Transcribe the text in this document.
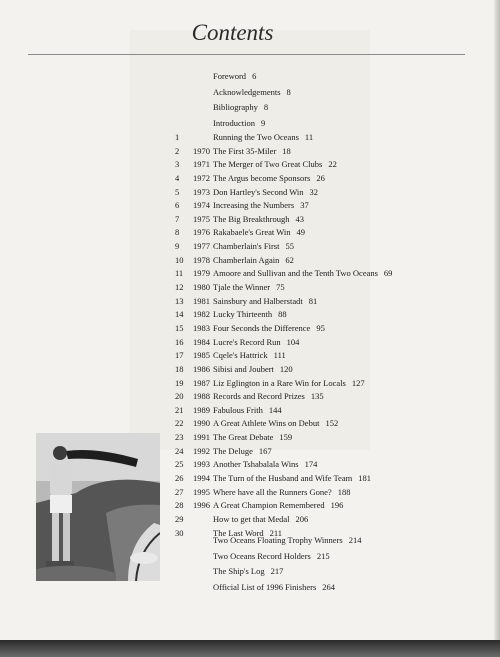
Contents
Foreword 6
Acknowledgements 8
Bibliography 8
Introduction 9
1	Running the Two Oceans 11
2	1970 The First 35-Miler 18
3	1971 The Merger of Two Great Clubs 22
4	1972 The Argus become Sponsors 26
5	1973 Don Hartley's Second Win 32
6	1974 Increasing the Numbers 37
7	1975 The Big Breakthrough 43
8	1976 Rakabaele's Great Win 49
9	1977 Chamberlain's First 55
10	1978 Chamberlain Again 62
11	1979 Amoore and Sullivan and the Tenth Two Oceans 69
12	1980 Tjale the Winner 75
13	1981 Sainsbury and Halberstadt 81
14	1982 Lucky Thirteenth 88
15	1983 Four Seconds the Difference 95
16	1984 Lucre's Record Run 104
17	1985 Cqele's Hattrick 111
18	1986 Sibisi and Joubert 120
19	1987 Liz Eglington in a Rare Win for Locals 127
20	1988 Records and Record Prizes 135
21	1989 Fabulous Frith 144
22	1990 A Great Athlete Wins on Debut 152
23	1991 The Great Debate 159
24	1992 The Deluge 167
25	1993 Another Tshabalala Wins 174
26	1994 The Turn of the Husband and Wife Team 181
27	1995 Where have all the Runners Gone? 188
28	1996 A Great Champion Remembered 196
29	How to get that Medal 206
30	The Last Word 211
Two Oceans Floating Trophy Winners 214
Two Oceans Record Holders 215
The Ship's Log 217
Official List of 1996 Finishers 264
